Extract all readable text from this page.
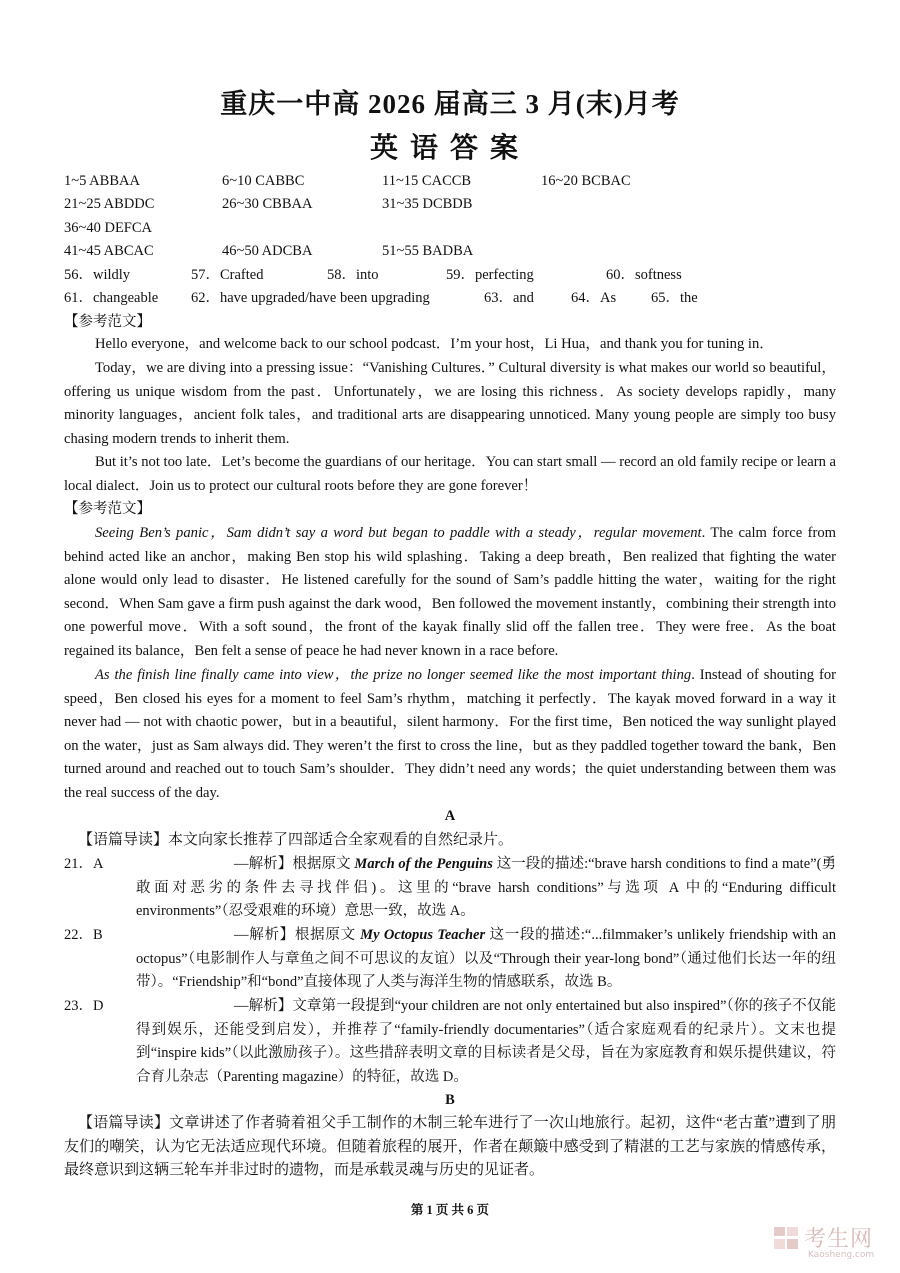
重庆一中高 2026 届高三 3 月(末)月考
英语答案
1~5 ABBAA	6~10 CABBC	11~15 CACCB	16~20 BCBAC
21~25 ABDDC	26~30 CBBAA	31~35 DCBDB
36~40 DEFCA
41~45 ABCAC	46~50 ADCBA	51~55 BADBA
56．wildly	57．Crafted	58．into	59．perfecting	60．softness
61．changeable 62．have upgraded/have been upgrading	63．and	64．As 65．the
【参考范文】
Hello everyone，and welcome back to our school podcast．I’m your host，Li Hua，and thank you for tuning in．
Today，we are diving into a pressing issue：“Vanishing Cultures．” Cultural diversity is what makes our world so beautiful，offering us unique wisdom from the past．Unfortunately，we are losing this richness．As society develops rapidly，many minority languages，ancient folk tales，and traditional arts are disappearing unnoticed. Many young people are simply too busy chasing modern trends to inherit them.
But it’s not too late．Let’s become the guardians of our heritage．You can start small — record an old family recipe or learn a local dialect．Join us to protect our cultural roots before they are gone forever！
【参考范文】
Seeing Ben’s panic，Sam didn’t say a word but began to paddle with a steady，regular movement. The calm force from behind acted like an anchor，making Ben stop his wild splashing．Taking a deep breath，Ben realized that fighting the water alone would only lead to disaster．He listened carefully for the sound of Sam’s paddle hitting the water，waiting for the right second．When Sam gave a firm push against the dark wood，Ben followed the movement instantly，combining their strength into one powerful move．With a soft sound，the front of the kayak finally slid off the fallen tree．They were free．As the boat regained its balance，Ben felt a sense of peace he had never known in a race before.
As the finish line finally came into view，the prize no longer seemed like the most important thing. Instead of shouting for speed，Ben closed his eyes for a moment to feel Sam’s rhythm，matching it perfectly．The kayak moved forward in a way it never had — not with chaotic power，but in a beautiful，silent harmony．For the first time，Ben noticed the way sunlight played on the water，just as Sam always did. They weren’t the first to cross the line，but as they paddled together toward the bank，Ben turned around and reached out to touch Sam’s shoulder．They didn’t need any words；the quiet understanding between them was the real success of the day.
A
【语篇导读】本文向家长推荐了四部适合全家观看的自然纪录片。
21．A	—解析】根据原文 March of the Penguins 这一段的描述:“brave harsh conditions to find a mate”(勇敢面对恶劣的条件去寻找伴侣)。这里的“brave harsh conditions”与选项 A 中的“Enduring difficult environments”（忍受艰难的环境）意思一致，故选 A。
22．B	—解析】根据原文 My Octopus Teacher 这一段的描述:“...filmmaker’s unlikely friendship with an octopus”（电影制作人与章鱼之间不可思议的友谊）以及“Through their year-long bond”（通过他们长达一年的纽带）。“Friendship”和“bond”直接体现了人类与海洋生物的情感联系，故选 B。
23．D	—解析】文章第一段提到“your children are not only entertained but also inspired”（你的孩子不仅能得到娱乐，还能受到启发），并推荐了“family-friendly documentaries”（适合家庭观看的纪录片）。文末也提到“inspire kids”（以此激励孩子）。这些措辞表明文章的目标读者是父母，旨在为家庭教育和娱乐提供建议，符合育儿杂志（Parenting magazine）的特征，故选 D。
B
【语篇导读】文章讲述了作者骑着祖父手工制作的木制三轮车进行了一次山地旅行。起初，这件“老古董”遭到了朋友们的嘲笑，认为它无法适应现代环境。但随着旅程的展开，作者在颠簸中感受到了精湛的工艺与家族的情感传承，最终意识到这辆三轮车并非过时的遗物，而是承载灵魂与历史的见证者。
第 1 页 共 6 页
考生网
Kaosheng.com
